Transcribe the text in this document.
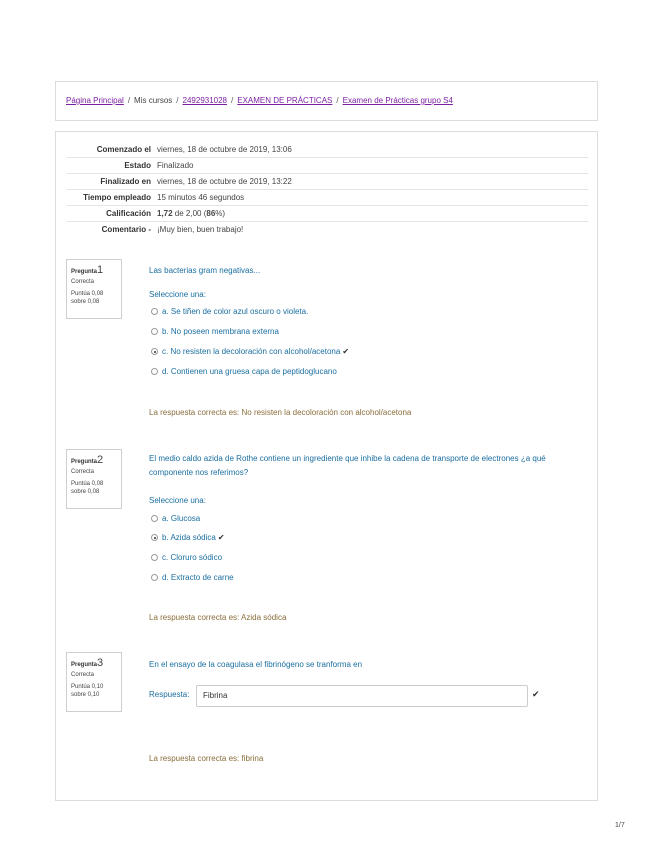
Página Principal / Mis cursos / 2492931028 / EXAMEN DE PRÁCTICAS / Examen de Prácticas grupo S4
Comenzado el	viernes, 18 de octubre de 2019, 13:06
Estado	Finalizado
Finalizado en	viernes, 18 de octubre de 2019, 13:22
Tiempo empleado	15 minutos 46 segundos
Calificación	1,72 de 2,00 (86%)
Comentario -	¡Muy bien, buen trabajo!
Pregunta1
Correcta
Puntúa 0,08
sobre 0,08
Las bacterias gram negativas...
Seleccione una:
a. Se tiñen de color azul oscuro o violeta.
b. No poseen membrana externa
c. No resisten la decoloración con alcohol/acetona ✔
d. Contienen una gruesa capa de peptidoglucano
La respuesta correcta es: No resisten la decoloración con alcohol/acetona
Pregunta2
Correcta
Puntúa 0,08
sobre 0,08
El medio caldo azida de Rothe contiene un ingrediente que inhibe la cadena de transporte de electrones ¿a qué
componente nos referimos?
Seleccione una:
a. Glucosa
b. Azida sódica ✔
c. Cloruro sódico
d. Extracto de carne
La respuesta correcta es: Azida sódica
Pregunta3
Correcta
Puntúa 0,10
sobre 0,10
En el ensayo de la coagulasa el fibrinógeno se tranforma en
Respuesta:	Fibrina	✔
La respuesta correcta es: fibrina
1/7
